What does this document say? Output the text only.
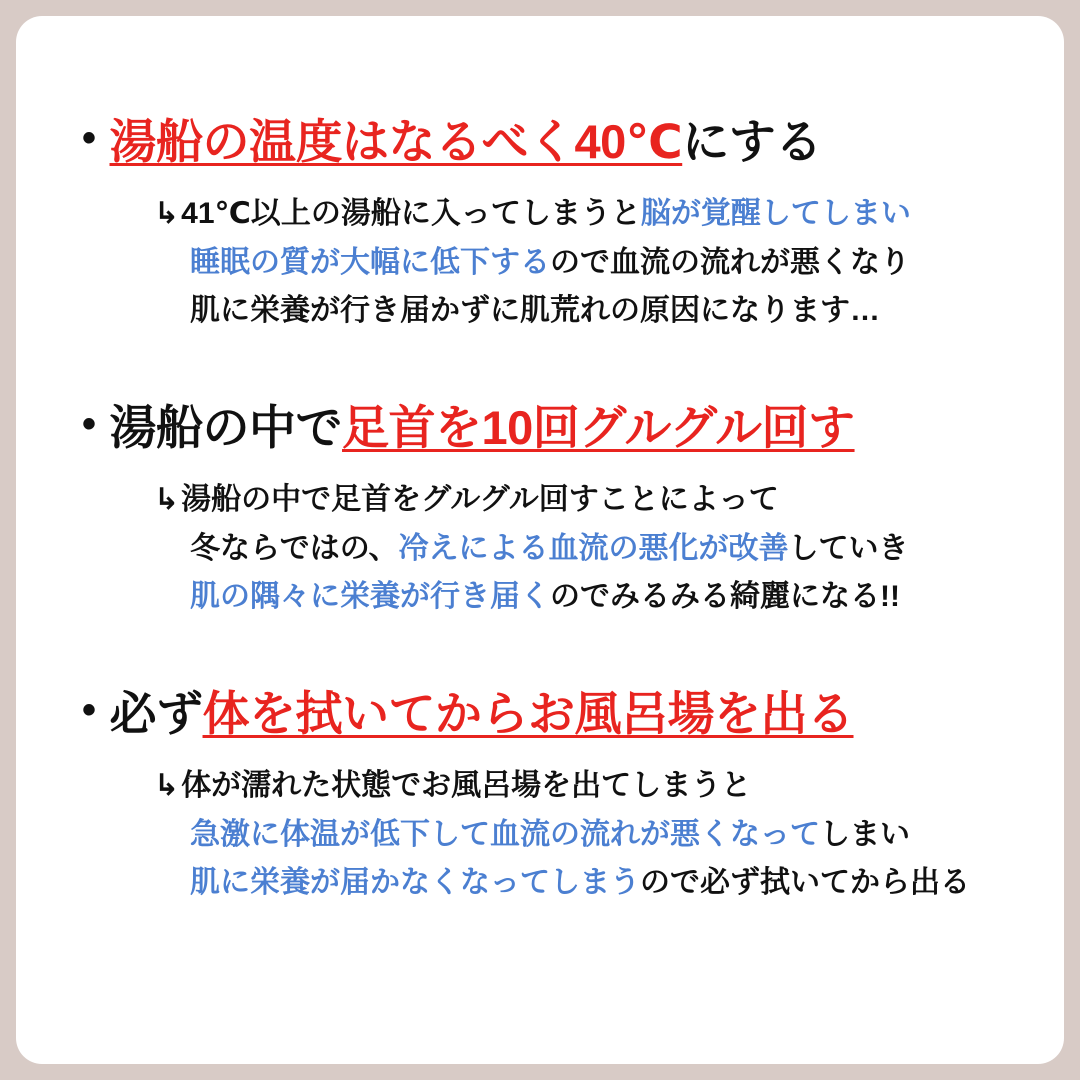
• 湯船の温度はなるべく40℃にする
↳41℃以上の湯船に入ってしまうと脳が覚醒してしまい
睡眠の質が大幅に低下するので血流の流れが悪くなり
肌に栄養が行き届かずに肌荒れの原因になります…
• 湯船の中で足首を10回グルグル回す
↳湯船の中で足首をグルグル回すことによって
冬ならではの、冷えによる血流の悪化が改善していき
肌の隅々に栄養が行き届くのでみるみる綺麗になる!!
• 必ず体を拭いてからお風呂場を出る
↳体が濡れた状態でお風呂場を出てしまうと
急激に体温が低下して血流の流れが悪くなってしまい
肌に栄養が届かなくなってしまうので必ず拭いてから出る
